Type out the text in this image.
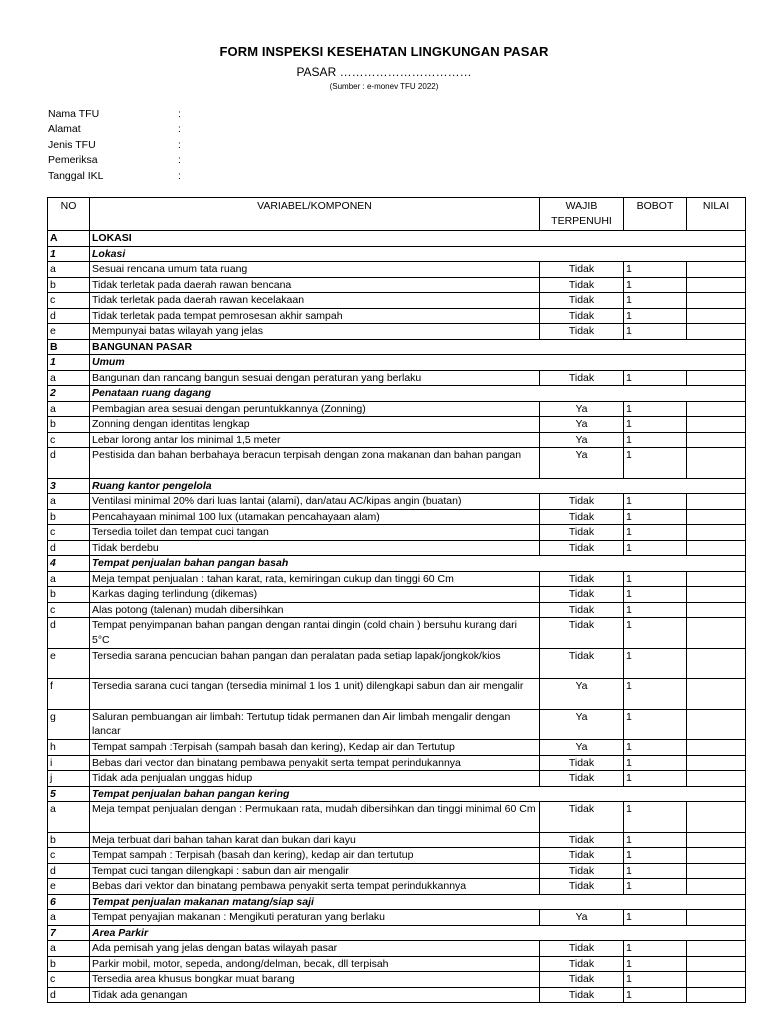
FORM INSPEKSI KESEHATAN LINGKUNGAN PASAR
PASAR ……………………………
(Sumber : e-monev TFU 2022)
Nama TFU	:
Alamat	:
Jenis TFU	:
Pemeriksa	:
Tanggal IKL	:
NO	VARIABEL/KOMPONEN	WAJIB TERPENUHI	BOBOT	NILAI
A	LOKASI			
1	Lokasi			
a	Sesuai rencana umum tata ruang	Tidak	1	
b	Tidak terletak pada daerah rawan bencana	Tidak	1	
c	Tidak terletak pada daerah rawan kecelakaan	Tidak	1	
d	Tidak terletak pada tempat pemrosesan akhir sampah	Tidak	1	
e	Mempunyai batas wilayah yang jelas	Tidak	1	
B	BANGUNAN PASAR			
1	Umum			
a	Bangunan dan rancang bangun sesuai dengan peraturan yang berlaku	Tidak	1	
2	Penataan ruang dagang			
a	Pembagian area sesuai dengan peruntukkannya (Zonning)	Ya	1	
b	Zonning dengan identitas lengkap	Ya	1	
c	Lebar lorong antar los minimal 1,5 meter	Ya	1	
d	Pestisida dan bahan berbahaya beracun terpisah dengan zona makanan dan bahan pangan	Ya	1	
3	Ruang kantor pengelola			
a	Ventilasi minimal 20% dari luas lantai (alami), dan/atau AC/kipas angin (buatan)	Tidak	1	
b	Pencahayaan minimal 100 lux (utamakan pencahayaan alam)	Tidak	1	
c	Tersedia toilet dan tempat cuci tangan	Tidak	1	
d	Tidak berdebu	Tidak	1	
4	Tempat penjualan bahan pangan basah			
a	Meja tempat penjualan : tahan karat, rata, kemiringan cukup dan tinggi 60 Cm	Tidak	1	
b	Karkas daging terlindung (dikemas)	Tidak	1	
c	Alas potong (talenan) mudah dibersihkan	Tidak	1	
d	Tempat penyimpanan bahan pangan dengan rantai dingin (cold chain ) bersuhu kurang dari 5°C	Tidak	1	
e	Tersedia sarana pencucian bahan pangan dan peralatan pada setiap lapak/jongkok/kios	Tidak	1	
f	Tersedia sarana cuci tangan (tersedia minimal 1 los 1 unit) dilengkapi sabun dan air mengalir	Ya	1	
g	Saluran pembuangan air limbah: Tertutup tidak permanen dan Air limbah mengalir dengan lancar	Ya	1	
h	Tempat sampah :Terpisah (sampah basah dan kering), Kedap air dan Tertutup	Ya	1	
i	Bebas dari vector dan binatang pembawa penyakit serta tempat perindukannya	Tidak	1	
j	Tidak ada penjualan unggas hidup	Tidak	1	
5	Tempat penjualan bahan pangan kering			
a	Meja tempat penjualan dengan : Permukaan rata, mudah dibersihkan dan tinggi minimal 60 Cm	Tidak	1	
b	Meja terbuat dari bahan tahan karat dan bukan dari kayu	Tidak	1	
c	Tempat sampah : Terpisah (basah dan kering), kedap air dan tertutup	Tidak	1	
d	Tempat cuci tangan dilengkapi : sabun dan air mengalir	Tidak	1	
e	Bebas dari vektor dan binatang pembawa penyakit serta tempat perindukkannya	Tidak	1	
6	Tempat penjualan makanan matang/siap saji			
a	Tempat penyajian makanan : Mengikuti peraturan yang berlaku	Ya	1	
7	Area Parkir			
a	Ada pemisah yang jelas dengan batas wilayah pasar	Tidak	1	
b	Parkir mobil, motor, sepeda, andong/delman, becak, dll terpisah	Tidak	1	
c	Tersedia area khusus bongkar muat barang	Tidak	1	
d	Tidak ada genangan	Tidak	1	
